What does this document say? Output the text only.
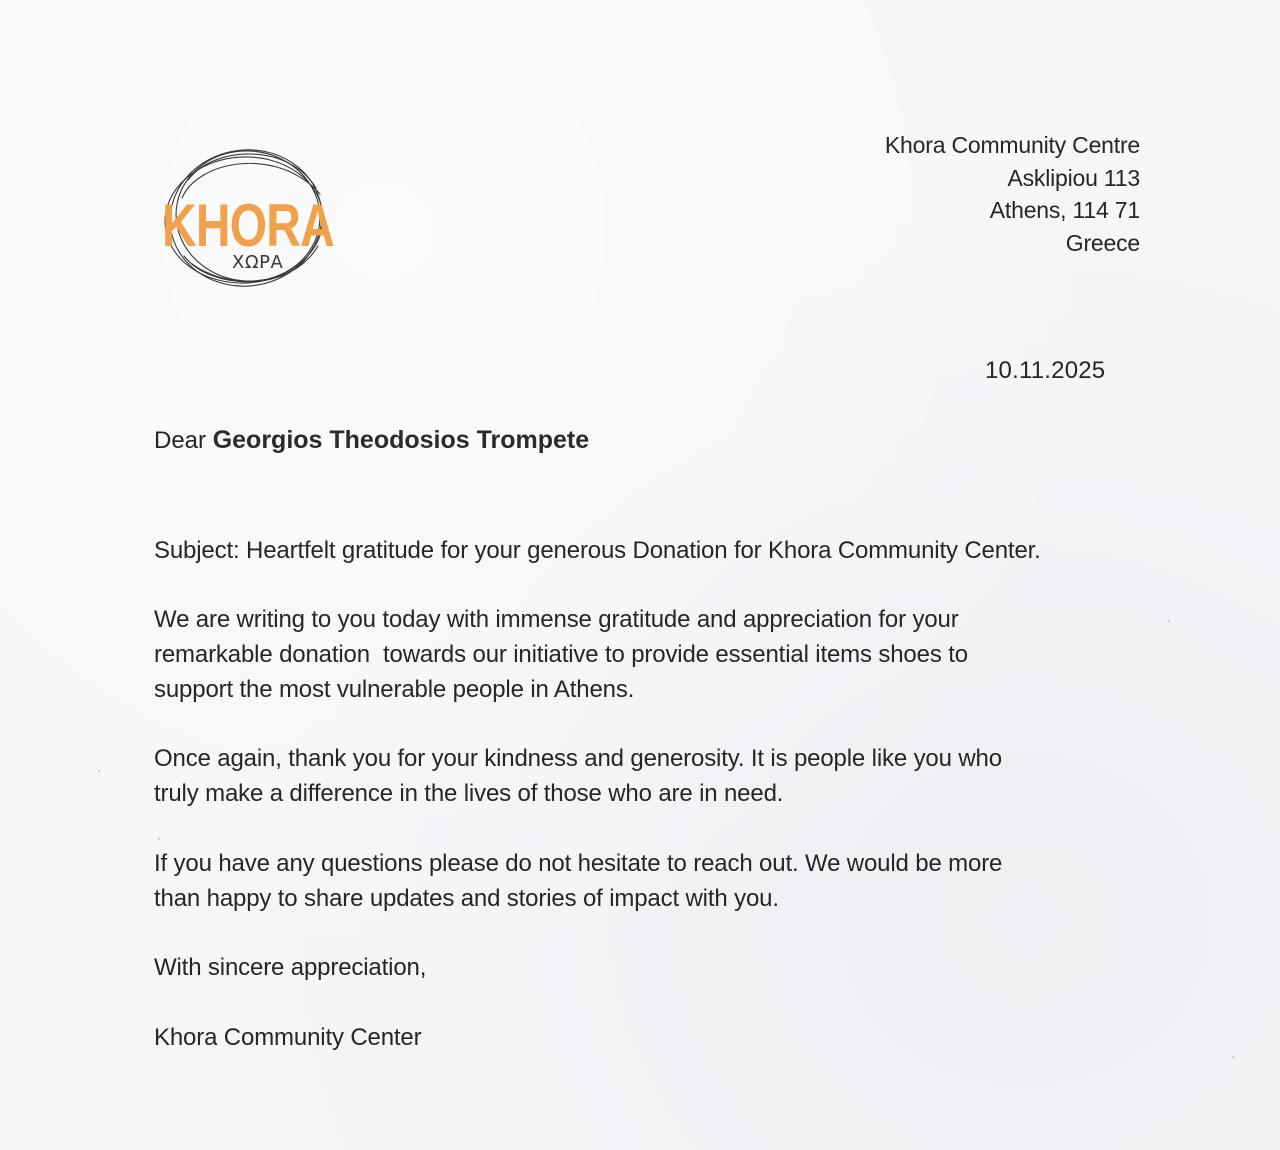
KHORA
ΧΩΡΑ
Khora Community Centre
Asklipiou 113
Athens, 114 71
Greece
10.11.2025
Dear Georgios Theodosios Trompete
Subject: Heartfelt gratitude for your generous Donation for Khora Community Center.
We are writing to you today with immense gratitude and appreciation for your
remarkable donation  towards our initiative to provide essential items shoes to
support the most vulnerable people in Athens.
Once again, thank you for your kindness and generosity. It is people like you who
truly make a difference in the lives of those who are in need.
If you have any questions please do not hesitate to reach out. We would be more
than happy to share updates and stories of impact with you.
With sincere appreciation,
Khora Community Center
